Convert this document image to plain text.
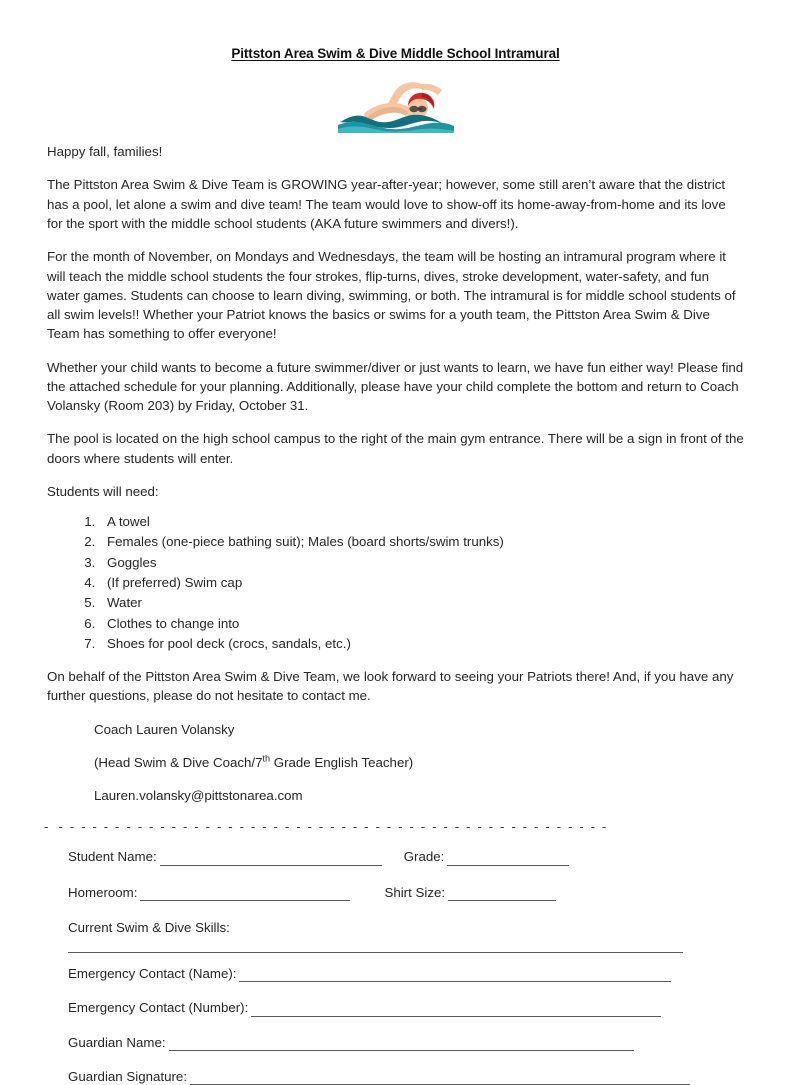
Pittston Area Swim & Dive Middle School Intramural

Happy fall, families!

The Pittston Area Swim & Dive Team is GROWING year-after-year; however, some still aren’t aware that the district has a pool, let alone a swim and dive team! The team would love to show-off its home-away-from-home and its love for the sport with the middle school students (AKA future swimmers and divers!).

For the month of November, on Mondays and Wednesdays, the team will be hosting an intramural program where it will teach the middle school students the four strokes, flip-turns, dives, stroke development, water-safety, and fun water games. Students can choose to learn diving, swimming, or both. The intramural is for middle school students of all swim levels!! Whether your Patriot knows the basics or swims for a youth team, the Pittston Area Swim & Dive Team has something to offer everyone!

Whether your child wants to become a future swimmer/diver or just wants to learn, we have fun either way! Please find the attached schedule for your planning. Additionally, please have your child complete the bottom and return to Coach Volansky (Room 203) by Friday, October 31.

The pool is located on the high school campus to the right of the main gym entrance. There will be a sign in front of the doors where students will enter.

Students will need:

1. A towel
2. Females (one-piece bathing suit); Males (board shorts/swim trunks)
3. Goggles
4. (If preferred) Swim cap
5. Water
6. Clothes to change into
7. Shoes for pool deck (crocs, sandals, etc.)

On behalf of the Pittston Area Swim & Dive Team, we look forward to seeing your Patriots there! And, if you have any further questions, please do not hesitate to contact me.

Coach Lauren Volansky

(Head Swim & Dive Coach/7th Grade English Teacher)

Lauren.volansky@pittstonarea.com

- - - - - - - - - - - - - - - - - - - - - - - - - - - - - - - - - - - - - - - - - - - - - - - - - -
Student Name:	Grade:
Homeroom:	Shirt Size:
Current Swim & Dive Skills:
Emergency Contact (Name):
Emergency Contact (Number):
Guardian Name:
Guardian Signature:
